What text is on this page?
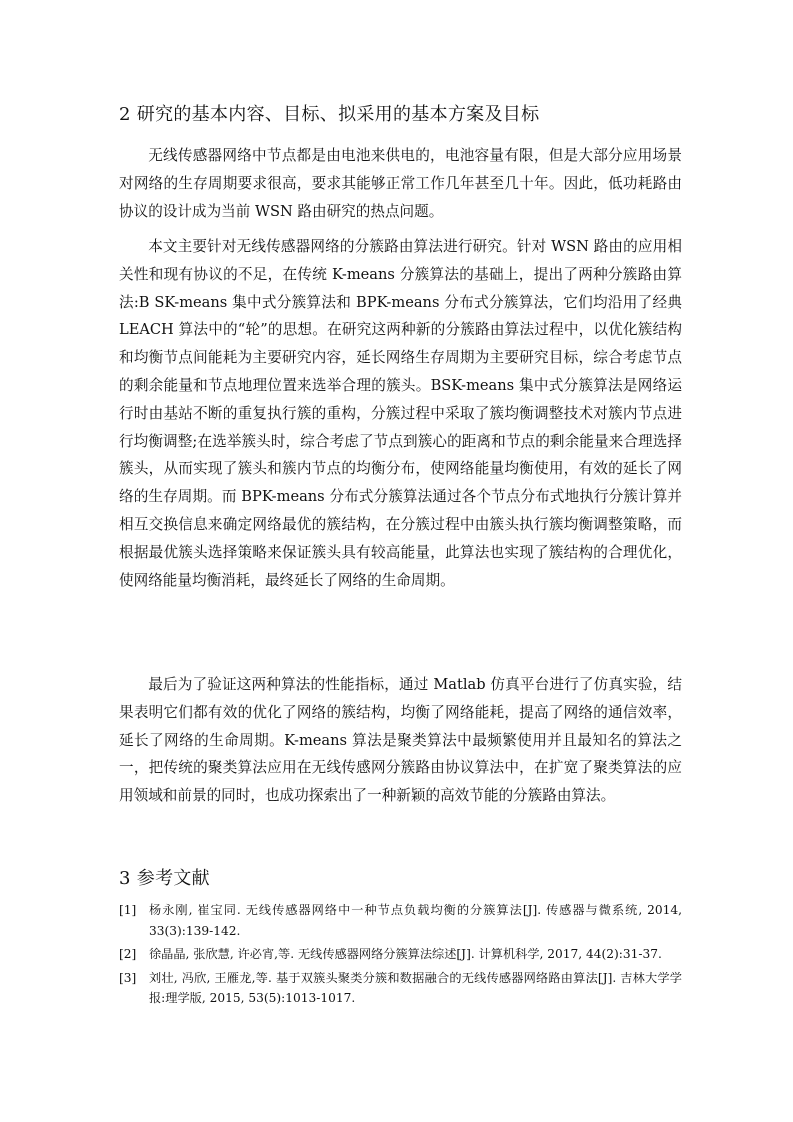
2 研究的基本内容、目标、拟采用的基本方案及目标

无线传感器网络中节点都是由电池来供电的，电池容量有限，但是大部分应用场景对网络的生存周期要求很高，要求其能够正常工作几年甚至几十年。因此，低功耗路由协议的设计成为当前 WSN 路由研究的热点问题。

本文主要针对无线传感器网络的分簇路由算法进行研究。针对 WSN 路由的应用相关性和现有协议的不足，在传统 K-means 分簇算法的基础上，提出了两种分簇路由算法:B SK-means 集中式分簇算法和 BPK-means 分布式分簇算法，它们均沿用了经典 LEACH 算法中的“轮”的思想。在研究这两种新的分簇路由算法过程中，以优化簇结构和均衡节点间能耗为主要研究内容，延长网络生存周期为主要研究目标，综合考虑节点的剩余能量和节点地理位置来选举合理的簇头。BSK-means 集中式分簇算法是网络运行时由基站不断的重复执行簇的重构，分簇过程中采取了簇均衡调整技术对簇内节点进行均衡调整;在选举簇头时，综合考虑了节点到簇心的距离和节点的剩余能量来合理选择簇头，从而实现了簇头和簇内节点的均衡分布，使网络能量均衡使用，有效的延长了网络的生存周期。而 BPK-means 分布式分簇算法通过各个节点分布式地执行分簇计算并相互交换信息来确定网络最优的簇结构，在分簇过程中由簇头执行簇均衡调整策略，而根据最优簇头选择策略来保证簇头具有较高能量，此算法也实现了簇结构的合理优化，使网络能量均衡消耗，最终延长了网络的生命周期。

最后为了验证这两种算法的性能指标，通过 Matlab 仿真平台进行了仿真实验，结果表明它们都有效的优化了网络的簇结构，均衡了网络能耗，提高了网络的通信效率，延长了网络的生命周期。K-means 算法是聚类算法中最频繁使用并且最知名的算法之一，把传统的聚类算法应用在无线传感网分簇路由协议算法中，在扩宽了聚类算法的应用领域和前景的同时，也成功探索出了一种新颖的高效节能的分簇路由算法。

3 参考文献
[1] 杨永刚, 崔宝同. 无线传感器网络中一种节点负载均衡的分簇算法[J]. 传感器与微系统, 2014, 33(3):139-142.
[2] 徐晶晶, 张欣慧, 许必宵,等. 无线传感器网络分簇算法综述[J]. 计算机科学, 2017, 44(2):31-37.
[3] 刘壮, 冯欣, 王雁龙,等. 基于双簇头聚类分簇和数据融合的无线传感器网络路由算法[J]. 吉林大学学报:理学版, 2015, 53(5):1013-1017.
